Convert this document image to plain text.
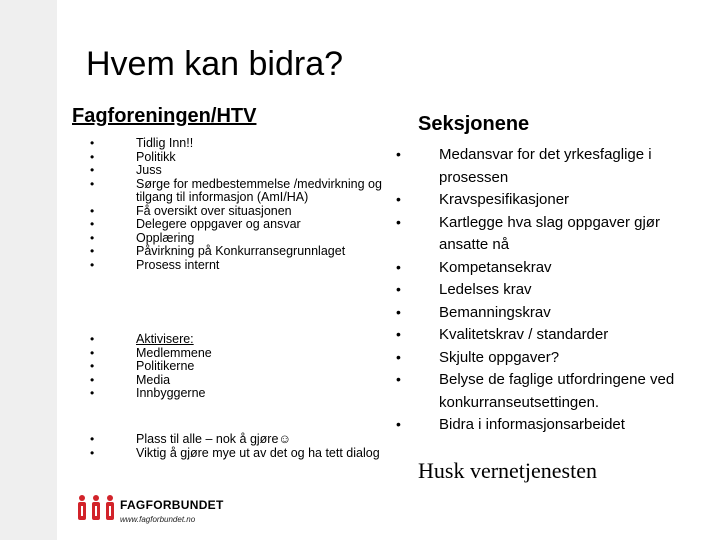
Hvem kan bidra?
Fagforeningen/HTV	Seksjonene
•	Tidlig Inn!!
•	Politikk
•	Juss
•	Sørge for medbestemmelse /medvirkning og tilgang til informasjon (AmI/HA)
•	Få oversikt over situasjonen
•	Delegere oppgaver og ansvar
•	Opplæring
•	Påvirkning på Konkurransegrunnlaget
•	Prosess internt
•	Aktivisere:
•	Medlemmene
•	Politikerne
•	Media
•	Innbyggerne
•	Plass til alle – nok å gjøre☺
•	Viktig å gjøre mye ut av det og ha tett dialog
•	Medansvar for det yrkesfaglige i prosessen
•	Kravspesifikasjoner
•	Kartlegge hva slag oppgaver gjør ansatte nå
•	Kompetansekrav
•	Ledelses krav
•	Bemanningskrav
•	Kvalitetskrav / standarder
•	Skjulte oppgaver?
•	Belyse de faglige utfordringene ved konkurranseutsettingen.
•	Bidra i informasjonsarbeidet
Husk vernetjenesten
FAGFORBUNDET
www.fagforbundet.no
